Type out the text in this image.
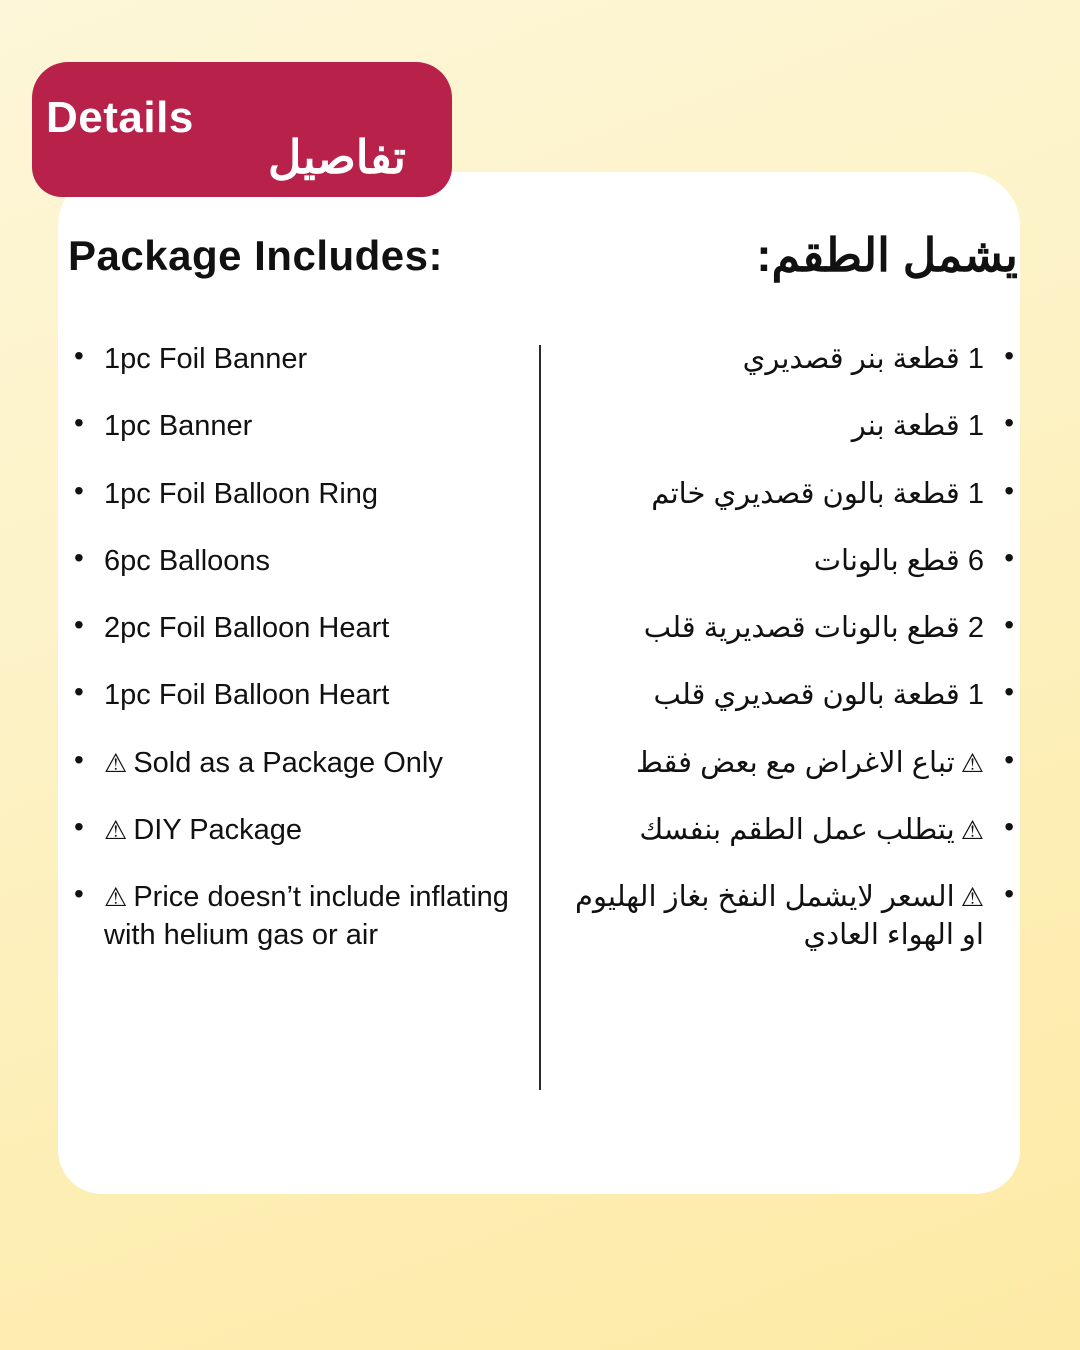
Details
تفاصيل
Package Includes:	يشمل الطقم:
• 1pc Foil Banner
• 1pc Banner
• 1pc Foil Balloon Ring
• 6pc Balloons
• 2pc Foil Balloon Heart
• 1pc Foil Balloon Heart
• ⚠ Sold as a Package Only
• ⚠ DIY Package
• ⚠ Price doesn’t include inflating with helium gas or air
• 1 قطعة بنر قصديري
• 1 قطعة بنر
• 1 قطعة بالون قصديري خاتم
• 6 قطع بالونات
• 2 قطع بالونات قصديرية قلب
• 1 قطعة بالون قصديري قلب
• ⚠تباع الاغراض مع بعض فقط
• ⚠يتطلب عمل الطقم بنفسك
• ⚠السعر لايشمل النفخ بغاز الهليوم او الهواء العادي
